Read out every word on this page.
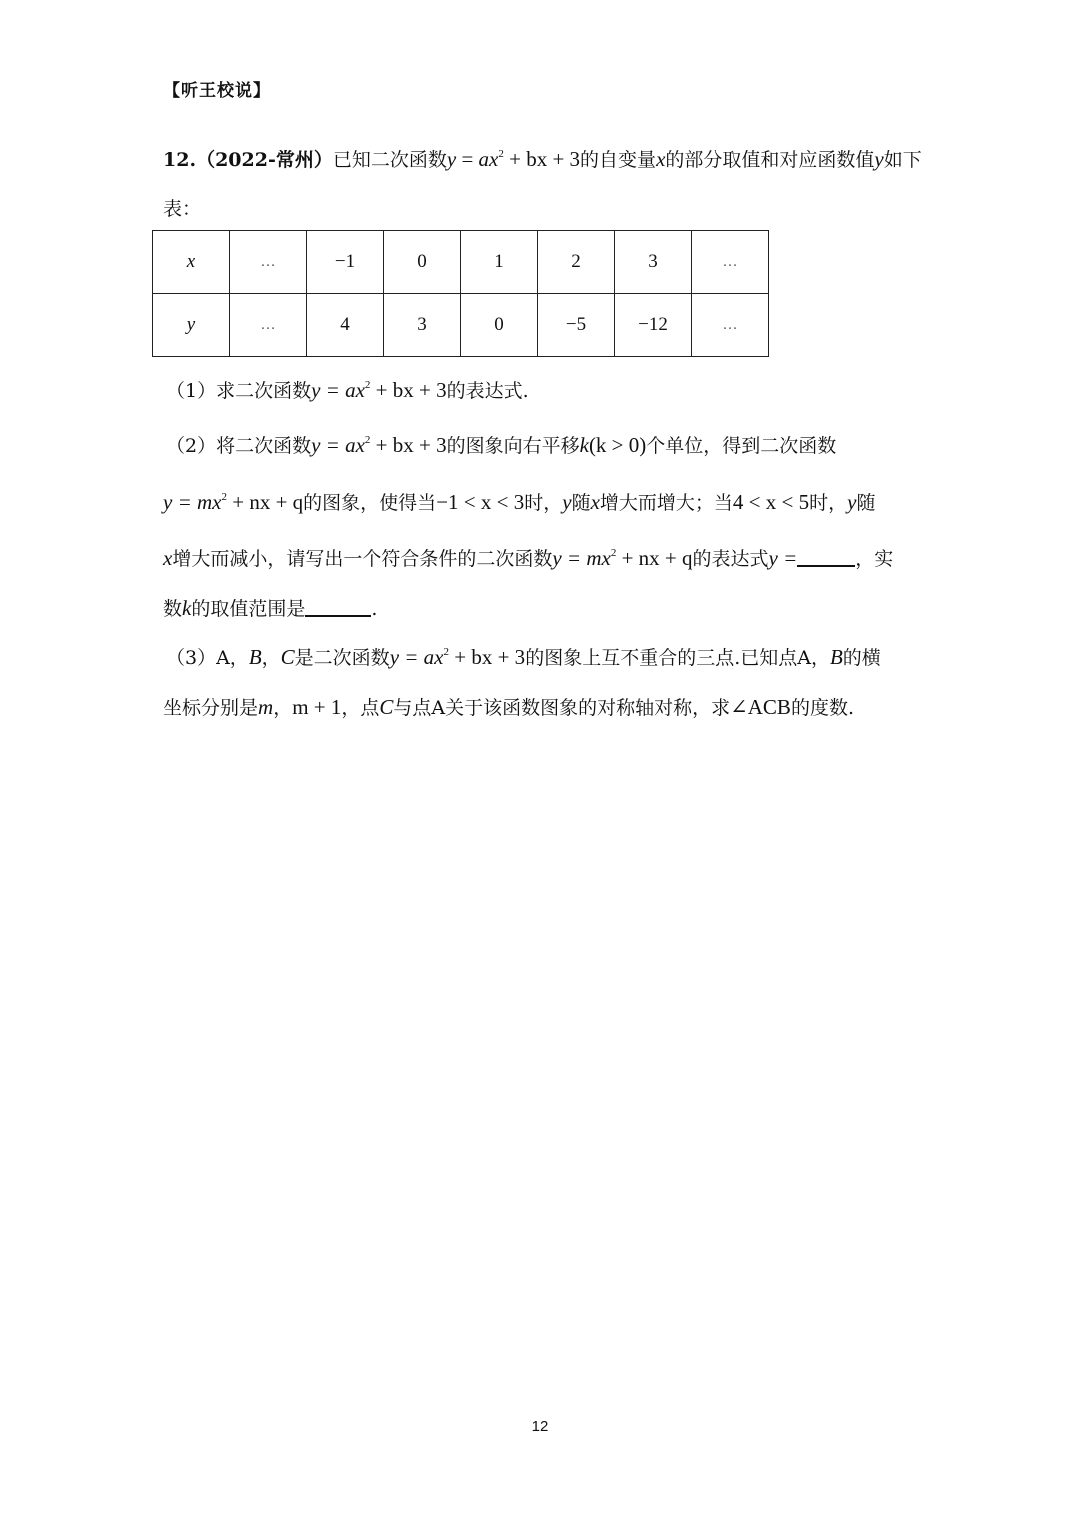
【听王校说】
12.（2022-常州）已知二次函数$y = ax^2$ + bx + 3的自变量x的部分取值和对应函数值y如下
表：
x	…	−1	0	1	2	3	…
y	…	4	3	0	−5	−12	…
（1）求二次函数$y = ax^2$ + bx + 3的表达式.
（2）将二次函数$y = ax^2$ + bx + 3的图象向右平移k(k > 0)个单位，得到二次函数
$y = mx^2$ + nx + q的图象，使得当−1 < x < 3时，y随x增大而增大；当4 < x < 5时，y随
x增大而减小，请写出一个符合条件的二次函数$y = mx^2$ + nx + q的表达式y =	，实
数k的取值范围是	.
（3）A，B，C是二次函数$y = ax^2$ + bx + 3的图象上互不重合的三点.已知点A，B的横
坐标分别是m，m + 1，点C与点A关于该函数图象的对称轴对称，求∠ACB的度数.
12
